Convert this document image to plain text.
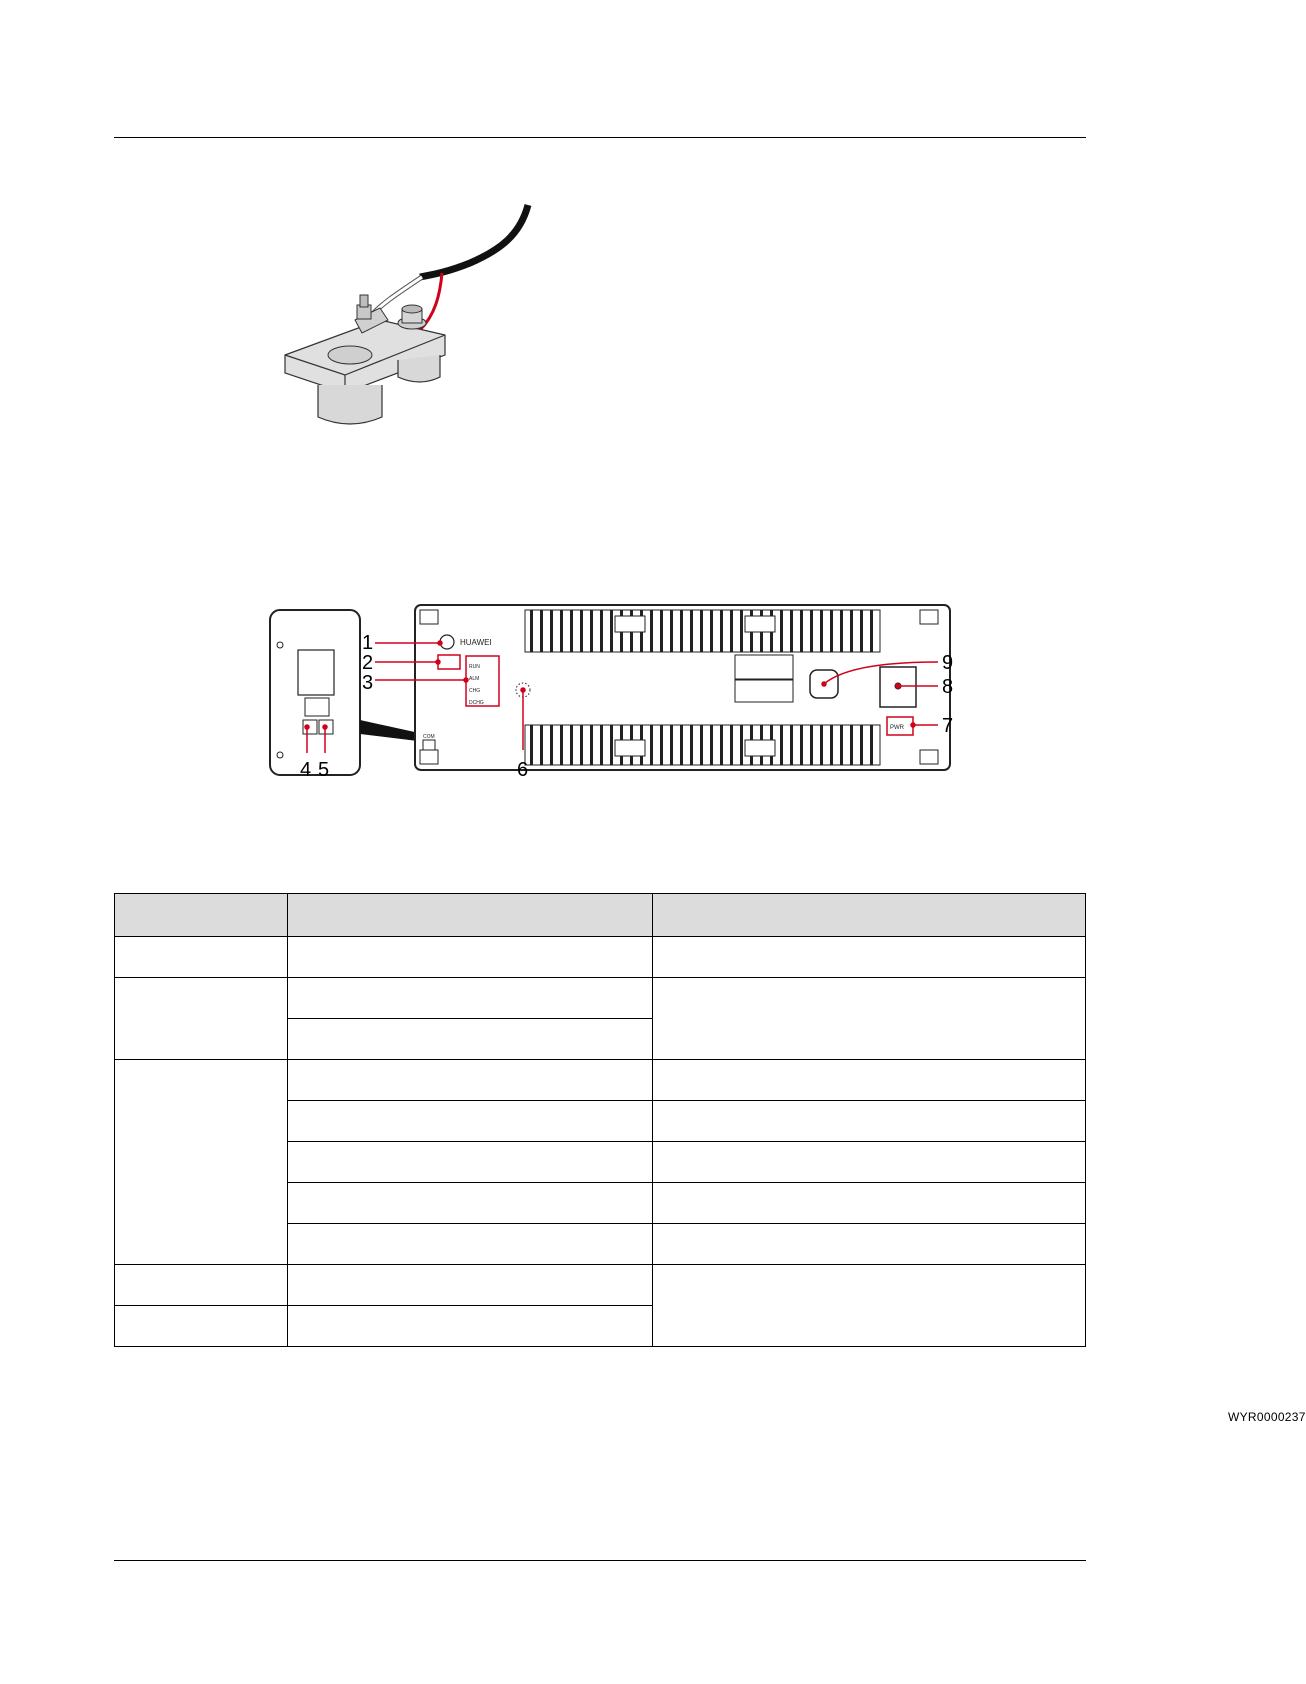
HUAWEI
RUN
ALM
CHG
DCHG
PWR
COM
1
2
3
4 5	6
7
8
9
WYR0000237
